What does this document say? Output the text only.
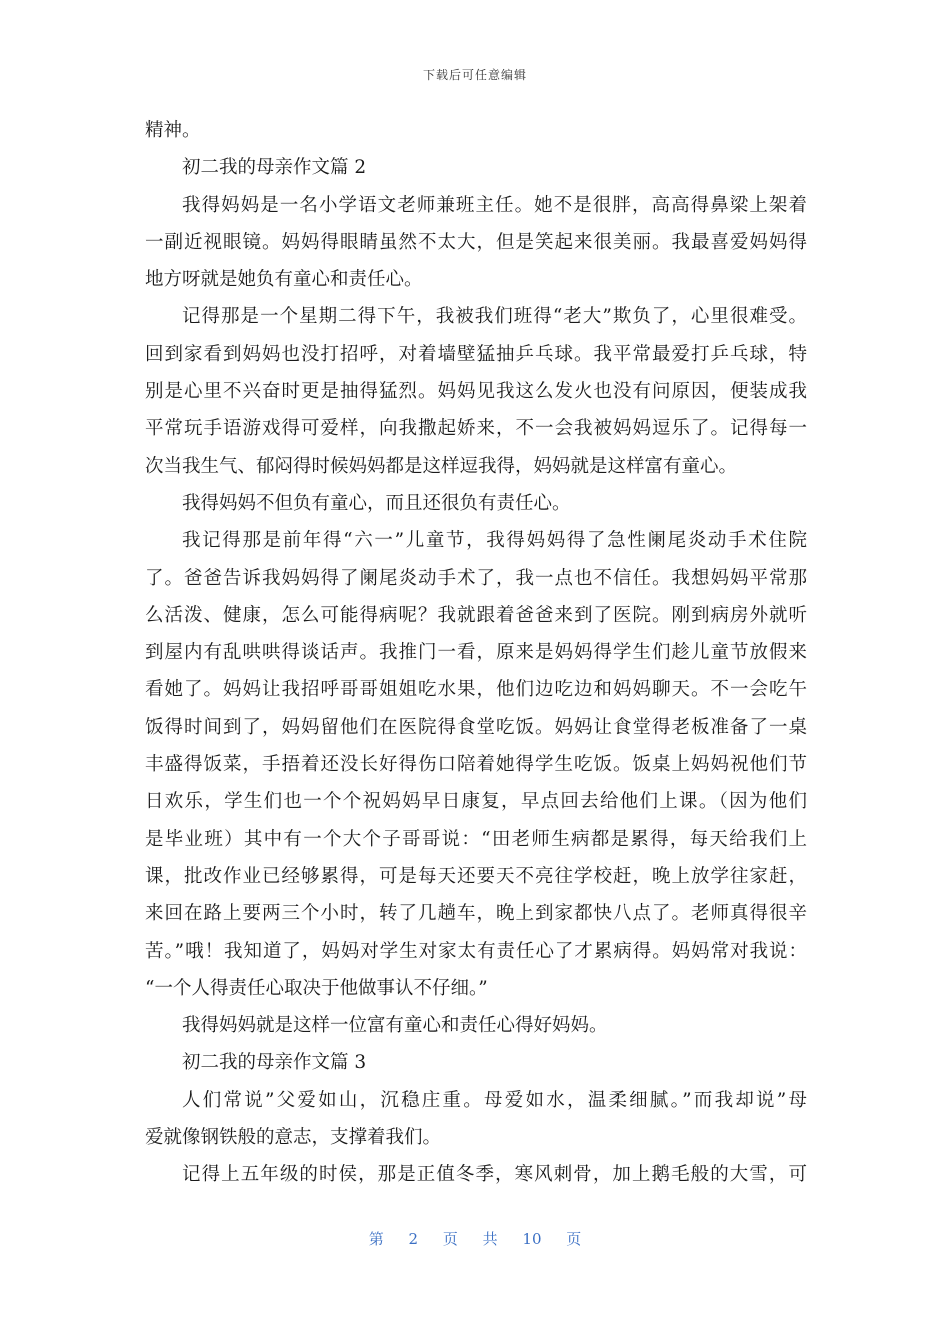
下载后可任意编辑
精神。
初二我的母亲作文篇 2
我得妈妈是一名小学语文老师兼班主任。她不是很胖，高高得鼻梁上架着
一副近视眼镜。妈妈得眼睛虽然不太大，但是笑起来很美丽。我最喜爱妈妈得
地方呀就是她负有童心和责任心。
记得那是一个星期二得下午，我被我们班得“老大”欺负了，心里很难受。
回到家看到妈妈也没打招呼，对着墙壁猛抽乒乓球。我平常最爱打乒乓球，特
别是心里不兴奋时更是抽得猛烈。妈妈见我这么发火也没有问原因，便装成我
平常玩手语游戏得可爱样，向我撒起娇来，不一会我被妈妈逗乐了。记得每一
次当我生气、郁闷得时候妈妈都是这样逗我得，妈妈就是这样富有童心。
我得妈妈不但负有童心，而且还很负有责任心。
我记得那是前年得“六一”儿童节，我得妈妈得了急性阑尾炎动手术住院
了。爸爸告诉我妈妈得了阑尾炎动手术了，我一点也不信任。我想妈妈平常那
么活泼、健康，怎么可能得病呢？我就跟着爸爸来到了医院。刚到病房外就听
到屋内有乱哄哄得谈话声。我推门一看，原来是妈妈得学生们趁儿童节放假来
看她了。妈妈让我招呼哥哥姐姐吃水果，他们边吃边和妈妈聊天。不一会吃午
饭得时间到了，妈妈留他们在医院得食堂吃饭。妈妈让食堂得老板准备了一桌
丰盛得饭菜，手捂着还没长好得伤口陪着她得学生吃饭。饭桌上妈妈祝他们节
日欢乐，学生们也一个个祝妈妈早日康复，早点回去给他们上课。（因为他们
是毕业班）其中有一个大个子哥哥说：“田老师生病都是累得，每天给我们上
课，批改作业已经够累得，可是每天还要天不亮往学校赶，晚上放学往家赶，
来回在路上要两三个小时，转了几趟车，晚上到家都快八点了。老师真得很辛
苦。”哦！我知道了，妈妈对学生对家太有责任心了才累病得。妈妈常对我说：
“一个人得责任心取决于他做事认不仔细。”
我得妈妈就是这样一位富有童心和责任心得好妈妈。
初二我的母亲作文篇 3
人们常说”父爱如山，沉稳庄重。母爱如水，温柔细腻。”而我却说”母
爱就像钢铁般的意志，支撑着我们。
记得上五年级的时侯，那是正值冬季，寒风刺骨，加上鹅毛般的大雪，可
第 2 页 共 10 页
